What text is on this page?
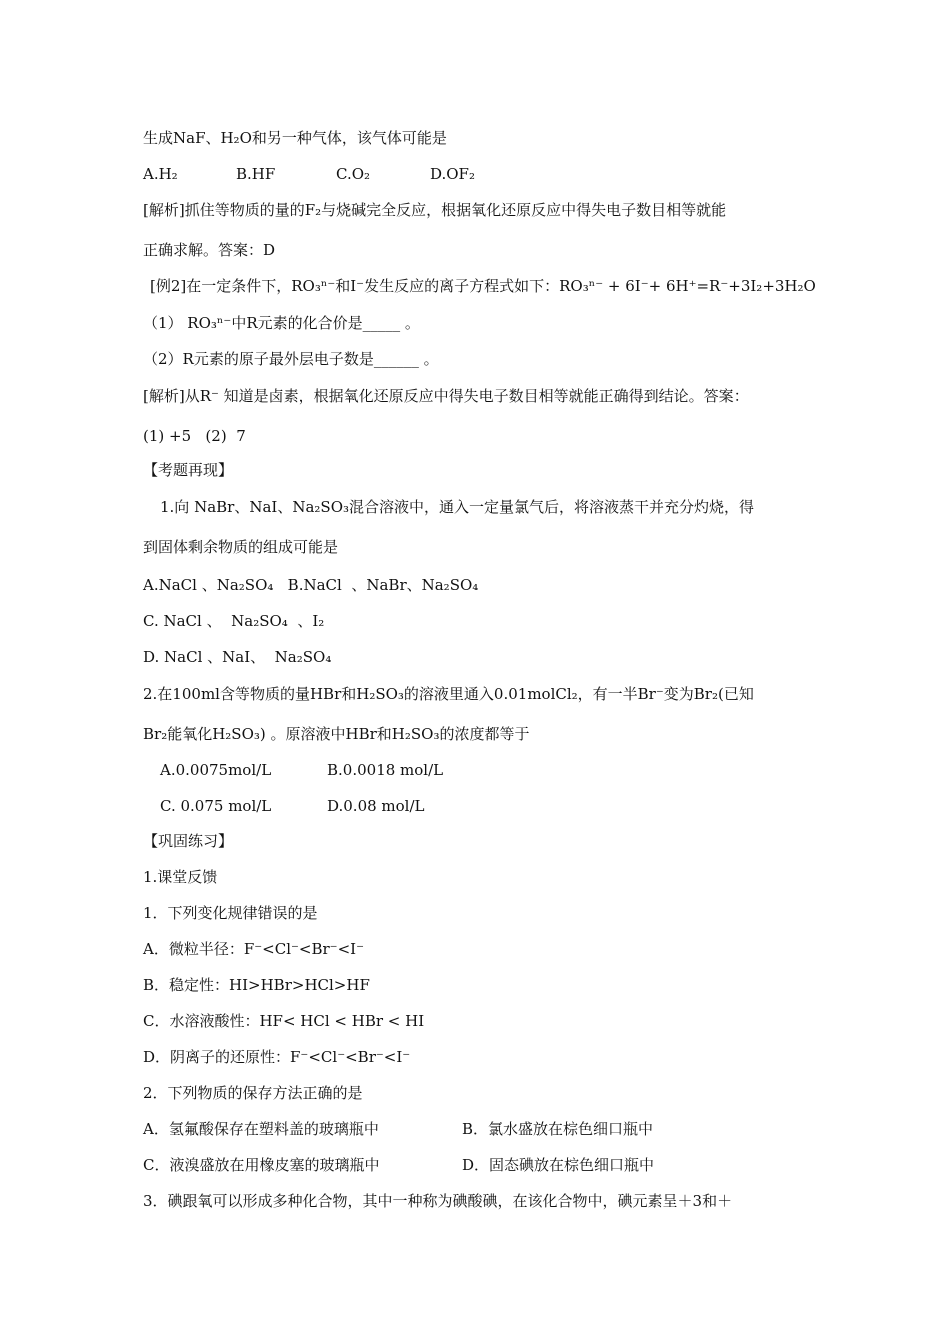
生成NaF、H₂O和另一种气体，该气体可能是
A.H₂	B.HF	C.O₂	D.OF₂
[解析]抓住等物质的量的F₂与烧碱完全反应，根据氧化还原反应中得失电子数目相等就能
正确求解。答案：D
[例2]在一定条件下，RO₃ⁿ⁻和I⁻发生反应的离子方程式如下：RO₃ⁿ⁻ + 6I⁻+ 6H⁺=R⁻+3I₂+3H₂O
（1） RO₃ⁿ⁻中R元素的化合价是_____ 。
（2）R元素的原子最外层电子数是______ 。
[解析]从R⁻ 知道是卤素，根据氧化还原反应中得失电子数目相等就能正确得到结论。答案：
(1) +5   (2)  7
【考题再现】
1.向 NaBr、NaI、Na₂SO₃混合溶液中，通入一定量氯气后，将溶液蒸干并充分灼烧，得
到固体剩余物质的组成可能是
A.NaCl 、Na₂SO₄   B.NaCl  、NaBr、Na₂SO₄
C. NaCl 、  Na₂SO₄  、I₂
D. NaCl 、NaI、  Na₂SO₄
2.在100ml含等物质的量HBr和H₂SO₃的溶液里通入0.01molCl₂，有一半Br⁻变为Br₂(已知
Br₂能氧化H₂SO₃) 。原溶液中HBr和H₂SO₃的浓度都等于
A.0.0075mol/L	B.0.0018 mol/L
C. 0.075 mol/L	D.0.08 mol/L
【巩固练习】
1.课堂反馈
1．下列变化规律错误的是
A．微粒半径：F⁻<Cl⁻<Br⁻<I⁻
B．稳定性：HI>HBr>HCl>HF
C．水溶液酸性：HF< HCl < HBr < HI
D．阴离子的还原性：F⁻<Cl⁻<Br⁻<I⁻
2．下列物质的保存方法正确的是
A．氢氟酸保存在塑料盖的玻璃瓶中	B．氯水盛放在棕色细口瓶中
C．液溴盛放在用橡皮塞的玻璃瓶中	D．固态碘放在棕色细口瓶中
3．碘跟氧可以形成多种化合物，其中一种称为碘酸碘，在该化合物中，碘元素呈＋3和＋
